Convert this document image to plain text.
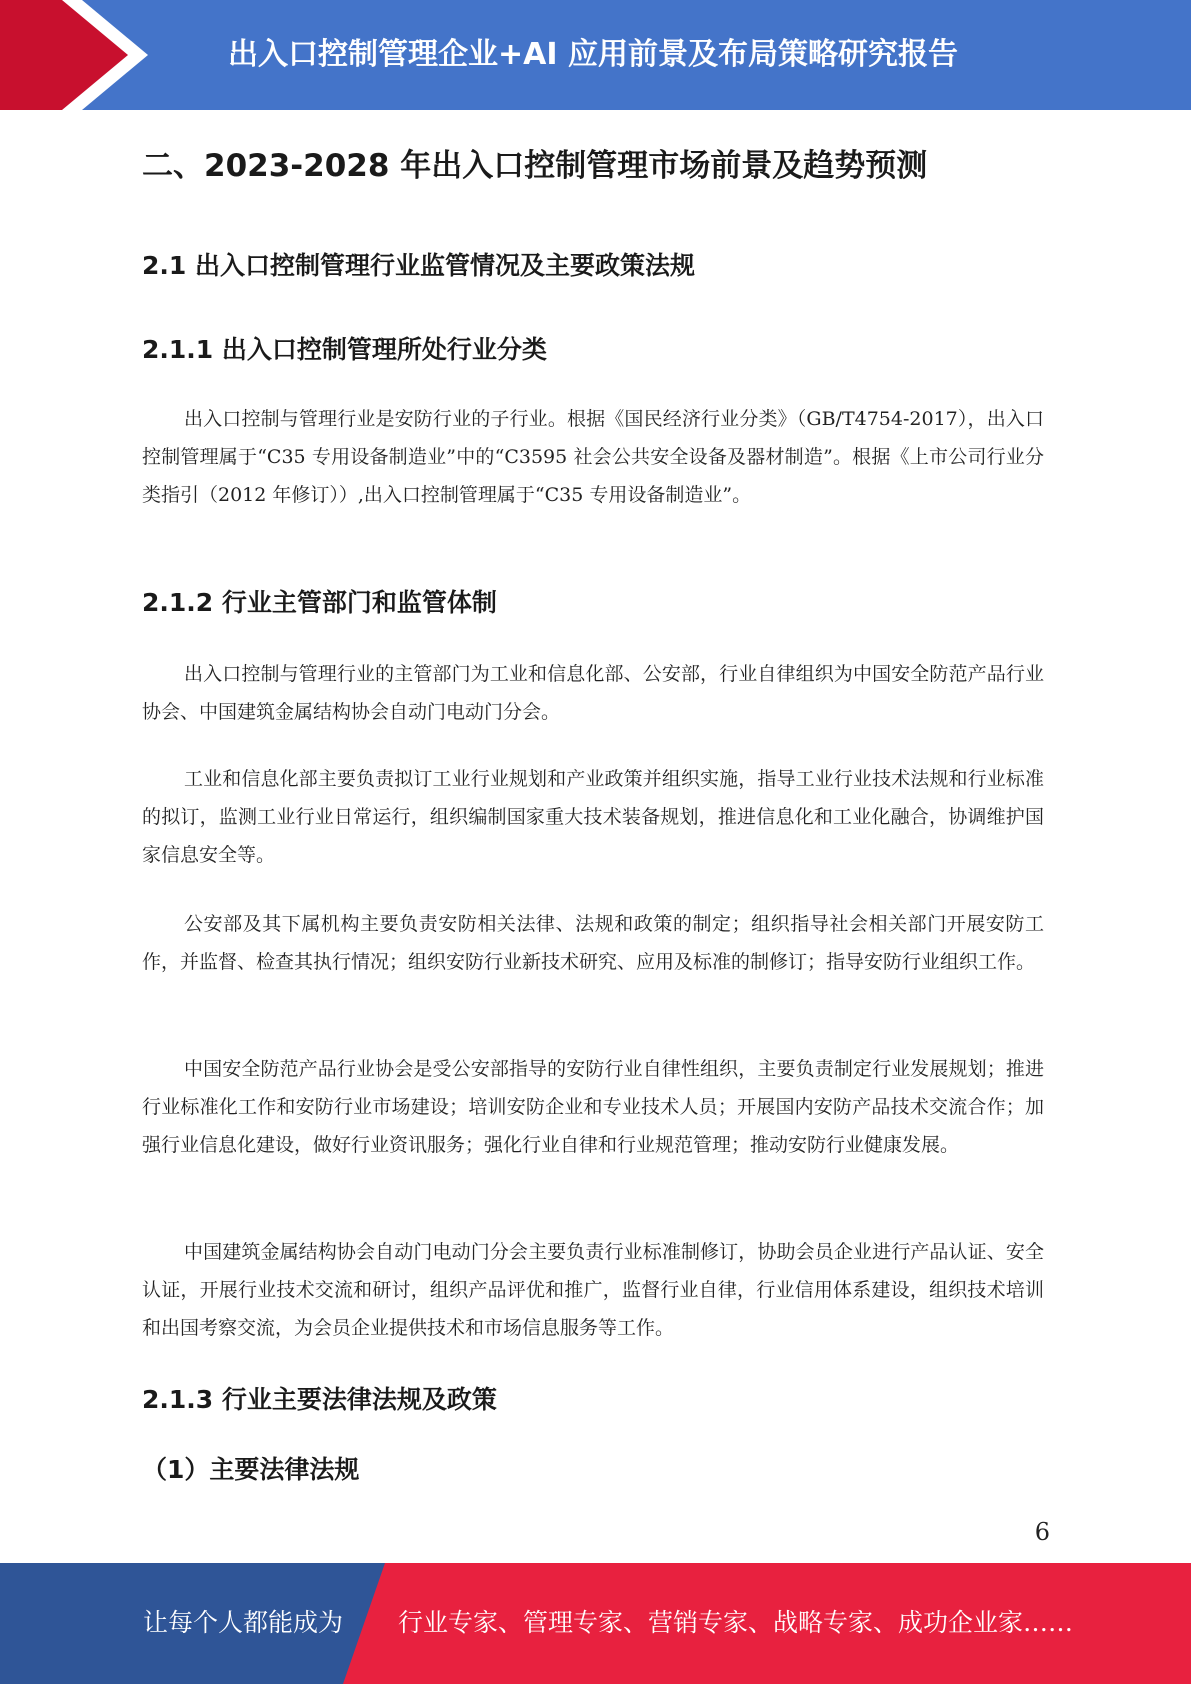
出入口控制管理企业+AI 应用前景及布局策略研究报告
二、2023-2028 年出入口控制管理市场前景及趋势预测
2.1 出入口控制管理行业监管情况及主要政策法规
2.1.1 出入口控制管理所处行业分类
出入口控制与管理行业是安防行业的子行业。根据《国民经济行业分类》（GB/T4754-2017），出入口控制管理属于“C35 专用设备制造业”中的“C3595 社会公共安全设备及器材制造”。根据《上市公司行业分类指引（2012 年修订））,出入口控制管理属于“C35 专用设备制造业”。
2.1.2 行业主管部门和监管体制
出入口控制与管理行业的主管部门为工业和信息化部、公安部，行业自律组织为中国安全防范产品行业协会、中国建筑金属结构协会自动门电动门分会。
工业和信息化部主要负责拟订工业行业规划和产业政策并组织实施，指导工业行业技术法规和行业标准的拟订，监测工业行业日常运行，组织编制国家重大技术装备规划，推进信息化和工业化融合，协调维护国家信息安全等。
公安部及其下属机构主要负责安防相关法律、法规和政策的制定；组织指导社会相关部门开展安防工作，并监督、检查其执行情况；组织安防行业新技术研究、应用及标准的制修订；指导安防行业组织工作。
中国安全防范产品行业协会是受公安部指导的安防行业自律性组织，主要负责制定行业发展规划；推进行业标准化工作和安防行业市场建设；培训安防企业和专业技术人员；开展国内安防产品技术交流合作；加强行业信息化建设，做好行业资讯服务；强化行业自律和行业规范管理；推动安防行业健康发展。
中国建筑金属结构协会自动门电动门分会主要负责行业标准制修订，协助会员企业进行产品认证、安全认证，开展行业技术交流和研讨，组织产品评优和推广，监督行业自律，行业信用体系建设，组织技术培训和出国考察交流，为会员企业提供技术和市场信息服务等工作。
2.1.3 行业主要法律法规及政策
（1）主要法律法规
6
让每个人都能成为 行业专家、管理专家、营销专家、战略专家、成功企业家……
